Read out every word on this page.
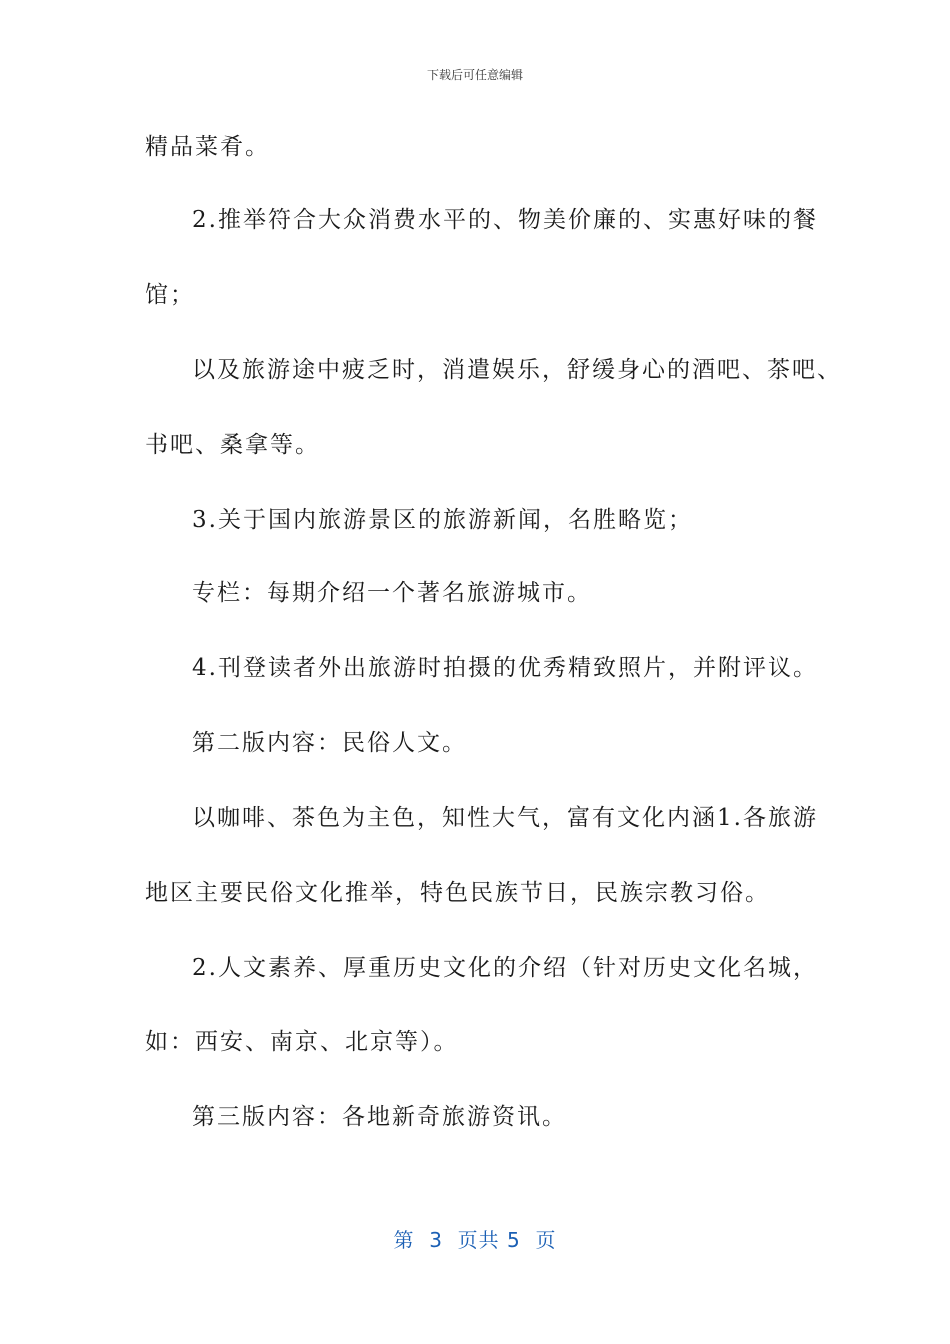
下载后可任意编辑
精品菜肴。
2.推举符合大众消费水平的、物美价廉的、实惠好味的餐
馆；
以及旅游途中疲乏时，消遣娱乐，舒缓身心的酒吧、茶吧、
书吧、桑拿等。
3.关于国内旅游景区的旅游新闻，名胜略览；
专栏：每期介绍一个著名旅游城市。
4.刊登读者外出旅游时拍摄的优秀精致照片，并附评议。
第二版内容：民俗人文。
以咖啡、茶色为主色，知性大气，富有文化内涵1.各旅游
地区主要民俗文化推举，特色民族节日，民族宗教习俗。
2.人文素养、厚重历史文化的介绍（针对历史文化名城，
如：西安、南京、北京等）。
第三版内容：各地新奇旅游资讯。
第  3  页共 5  页
